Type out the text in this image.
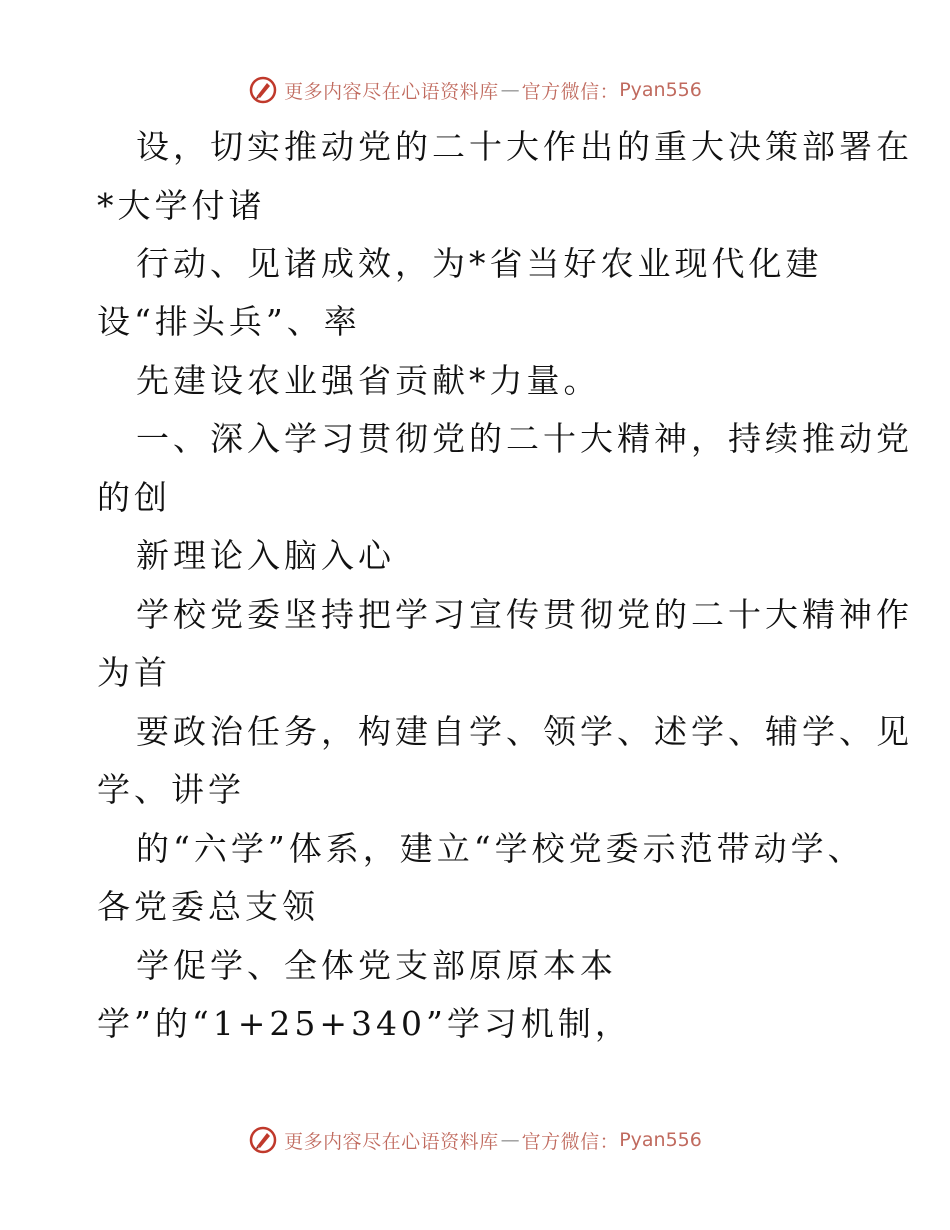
更多内容尽在心语资料库 — 官方微信： Pyan556
设，切实推动党的二十大作出的重大决策部署在
*大学付诸
行动、见诸成效，为*省当好农业现代化建
设“排头兵”、率
先建设农业强省贡献*力量。
一、深入学习贯彻党的二十大精神，持续推动党
的创
新理论入脑入心
学校党委坚持把学习宣传贯彻党的二十大精神作
为首
要政治任务，构建自学、领学、述学、辅学、见
学、讲学
的“六学”体系，建立“学校党委示范带动学、
各党委总支领
学促学、全体党支部原原本本
学”的“1+25+340”学习机制，
更多内容尽在心语资料库 — 官方微信： Pyan556
